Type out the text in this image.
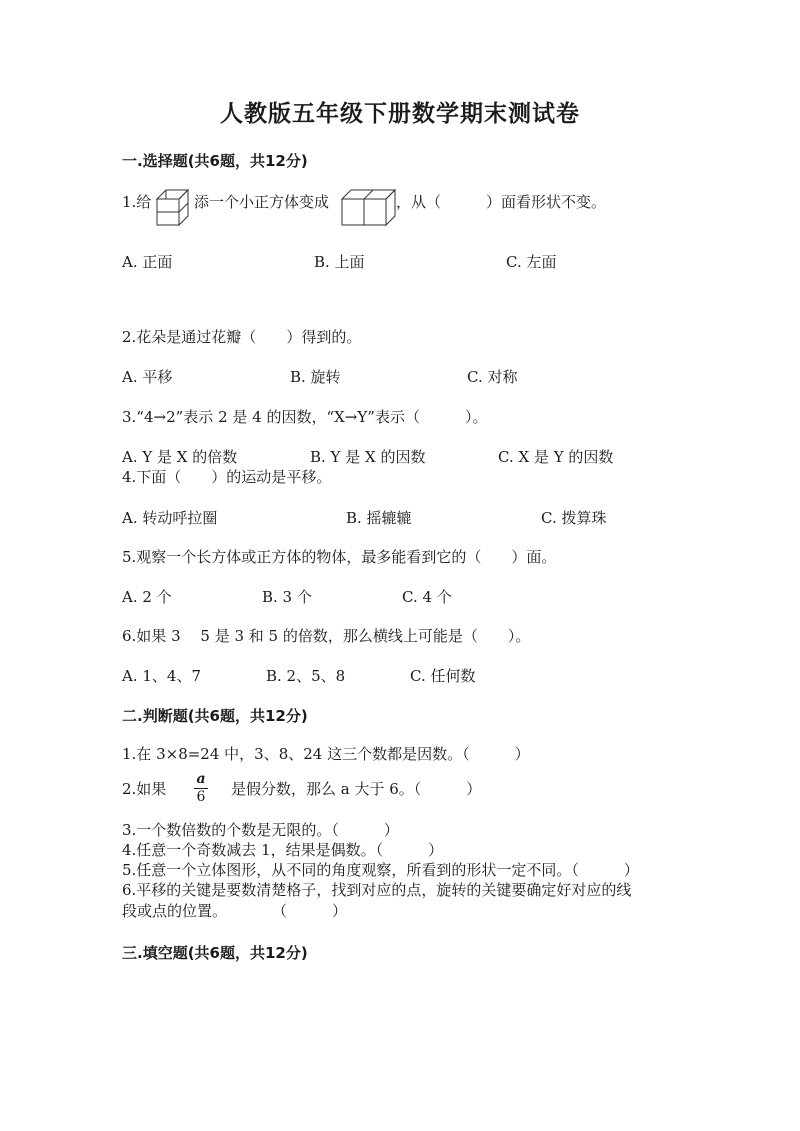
人教版五年级下册数学期末测试卷
一.选择题(共6题，共12分)
1.给	添一个小正方体变成	，从（　　　）面看形状不变。
A. 正面	B. 上面	C. 左面
2.花朵是通过花瓣（　　）得到的。
A. 平移	B. 旋转	C. 对称
3.“4→2”表示 2 是 4 的因数，“X→Y”表示（　　　）。
A. Y 是 X 的倍数	B. Y 是 X 的因数	C. X 是 Y 的因数
4.下面（　　）的运动是平移。
A. 转动呼拉圈	B. 摇辘辘	C. 拨算珠
5.观察一个长方体或正方体的物体，最多能看到它的（　　）面。
A. 2 个	B. 3 个	C. 4 个
6.如果 3　 5 是 3 和 5 的倍数，那么横线上可能是（　　）。
A. 1、4、7	B. 2、5、8	C. 任何数
二.判断题(共6题，共12分)
1.在 3×8=24 中，3、8、24 这三个数都是因数。（　　　）
2.如果
a
6 是假分数，那么 a 大于 6。（　　　）
3.一个数倍数的个数是无限的。（　　　）
4.任意一个奇数减去 1，结果是偶数。（　　　）
5.任意一个立体图形，从不同的角度观察，所看到的形状一定不同。（　　　）
6.平移的关键是要数清楚格子，找到对应的点，旋转的关键要确定好对应的线
段或点的位置。　　　　（　　　）
三.填空题(共6题，共12分)
